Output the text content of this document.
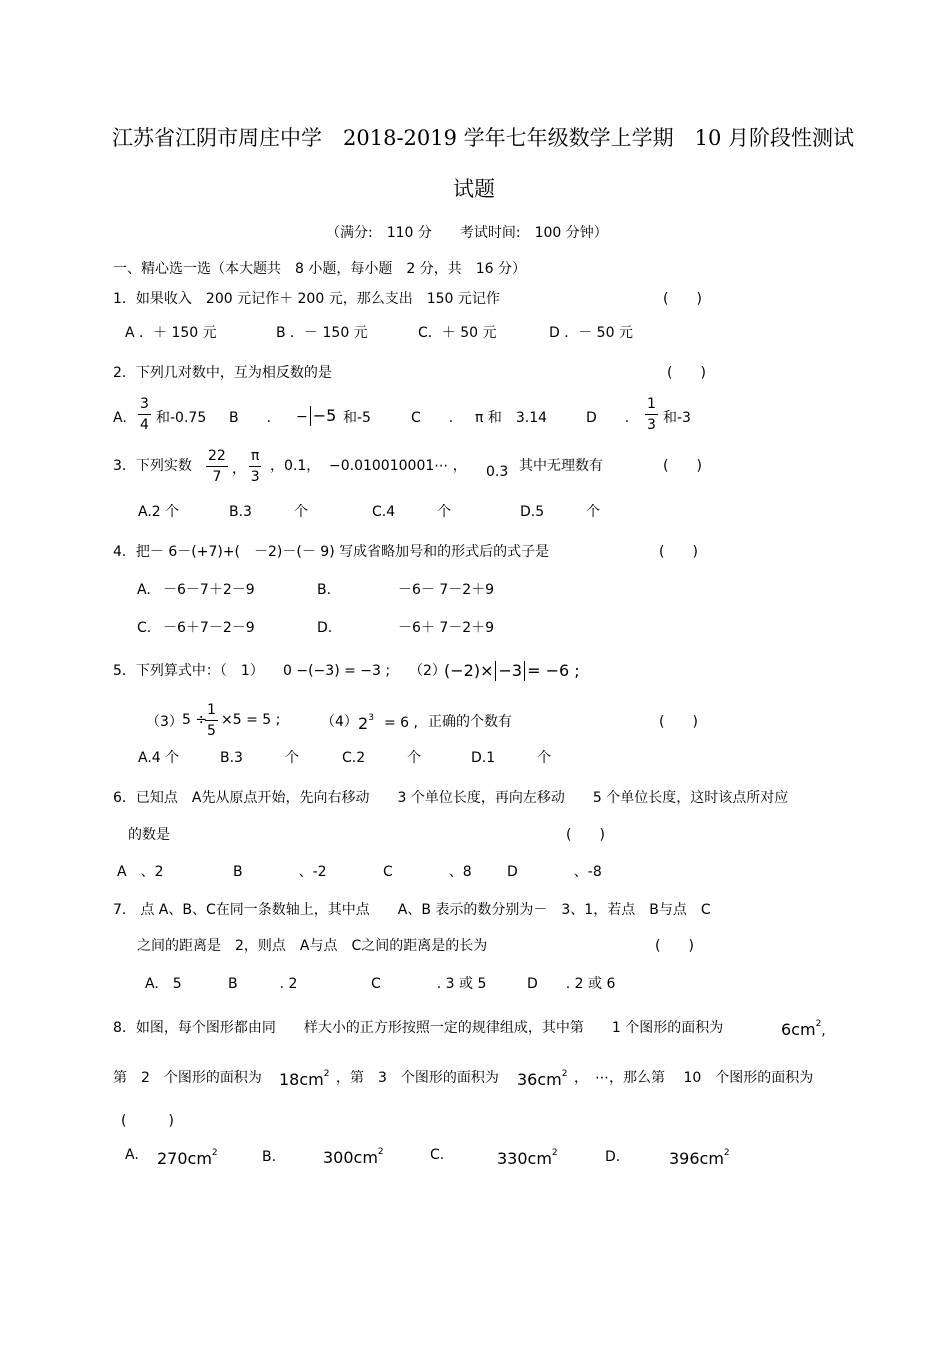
江苏省江阴市周庄中学　2018-2019 学年七年级数学上学期　10 月阶段性测试
试题
（满分:　110 分　　考试时间:　100 分钟）
一、精心选一选（本大题共　8 小题，每小题　2 分，共　16 分）
1．如果收入　200 元记作＋ 200 元，那么支出　150 元记作	(　　)
A ．＋ 150 元	B ．－ 150 元	C．＋ 50 元	D ．－ 50 元
2．下列几对数中，互为相反数的是	(　　)
A. $\frac{3}{4}$ 和-0.75 B　　. − −5 和-5	C　　. π 和　3.14	D　　. $\frac{1}{3}$ 和-3
3．下列实数 $\frac{22}{7}$ ， $\frac{\pi}{3}$ ，0.1， −0.010010001⋯ ， 0.3 其中无理数有	(　　)
A.2 个	B.3　　　个	C.4　　　个	D.5　　　个
4．把－ 6－(+7)+(　－2)－(－ 9) 写成省略加号和的形式后的式子是	(　　)
A. －6－7＋2－9	B.	－6－ 7－2＋9
C. －6＋7－2－9	D.	－6＋ 7－2＋9
5．下列算式中：（　1） 0 −(−3) = −3 ; （2）
(−2)× −3 = −6 ;
（3） 5 ÷
$\frac{1}{5} \times 5 = 5$ ;	（4） $2^3 = 6$ , 正确的个数有	(　　)
A.4 个	B.3　　　个	C.2　　　个	D.1　　　个
6．已知点　A先从原点开始，先向右移动　　3 个单位长度，再向左移动　　5 个单位长度，这时该点所对应
的数是	(　　)
A　、2	B　　　　、-2	C　　　　、8	D　　　　、-8
7.　点 A、B、C在同一条数轴上，其中点　　A、B 表示的数分别为－　3、1，若点　B与点　C
之间的距离是　2，则点　A与点　C之间的距离是的长为	(　　)
A.　5	B　　　. 2	C　　　　. 3 或 5	D　　. 2 或 6
8．如图，每个图形都由同　　样大小的正方形按照一定的规律组成，其中第　　1 个图形的面积为	$6cm^2$,
第　2　个图形的面积为 $18cm^2$ ，第　3　个图形的面积为 $36cm^2$ ，　⋯，那么第　 10　个图形的面积为
(　　　)
A. $270cm^2$	B.	$300cm^2$	C.	$330cm^2$	D.	$396cm^2$
